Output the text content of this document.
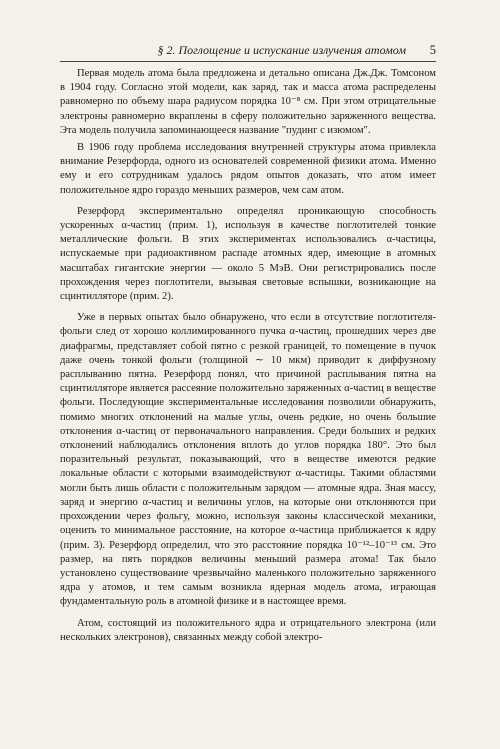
§ 2. Поглощение и испускание излучения атомом	5

Первая модель атома была предложена и детально описана Дж.Дж. Томсоном в 1904 году. Согласно этой модели, как заряд, так и масса атома распределены равномерно по объему шара радиусом порядка 10⁻⁸ см. При этом отрицательные электроны равномерно вкраплены в сферу положительно заряженного вещества. Эта модель получила запоминающееся название "пудинг с изюмом".

В 1906 году проблема исследования внутренней структуры атома привлекла внимание Резерфорда, одного из основателей современной физики атома. Именно ему и его сотрудникам удалось рядом опытов доказать, что атом имеет положительное ядро гораздо меньших размеров, чем сам атом.

Резерфорд экспериментально определял проникающую способность ускоренных α-частиц (прим. 1), используя в качестве поглотителей тонкие металлические фольги. В этих экспериментах использовались α-частицы, испускаемые при радиоактивном распаде атомных ядер, имеющие в атомных масштабах гигантские энергии — около 5 МэВ. Они регистрировались после прохождения через поглотители, вызывая световые вспышки, возникающие на сцинтилляторе (прим. 2).

Уже в первых опытах было обнаружено, что если в отсутствие поглотителя-фольги след от хорошо коллимированного пучка α-частиц, прошедших через две диафрагмы, представляет собой пятно с резкой границей, то помещение в пучок даже очень тонкой фольги (толщиной ∼ 10 мкм) приводит к диффузному расплыванию пятна. Резерфорд понял, что причиной расплывания пятна на сцинтилляторе является рассеяние положительно заряженных α-частиц в веществе фольги. Последующие экспериментальные исследования позволили обнаружить, помимо многих отклонений на малые углы, очень редкие, но очень большие отклонения α-частиц от первоначального направления. Среди больших и редких отклонений наблюдались отклонения вплоть до углов порядка 180°. Это был поразительный результат, показывающий, что в веществе имеются редкие локальные области с которыми взаимодействуют α-частицы. Такими областями могли быть лишь области с положительным зарядом — атомные ядра. Зная массу, заряд и энергию α-частиц и величины углов, на которые они отклоняются при прохождении через фольгу, можно, используя законы классической механики, оценить то минимальное расстояние, на которое α-частица приближается к ядру (прим. 3). Резерфорд определил, что это расстояние порядка 10⁻¹²–10⁻¹³ см. Это размер, на пять порядков величины меньший размера атома! Так было установлено существование чрезвычайно маленького положительно заряженного ядра у атомов, и тем самым возникла ядерная модель атома, играющая фундаментальную роль в атомной физике и в настоящее время.

Атом, состоящий из положительного ядра и отрицательного электрона (или нескольких электронов), связанных между собой электро-
